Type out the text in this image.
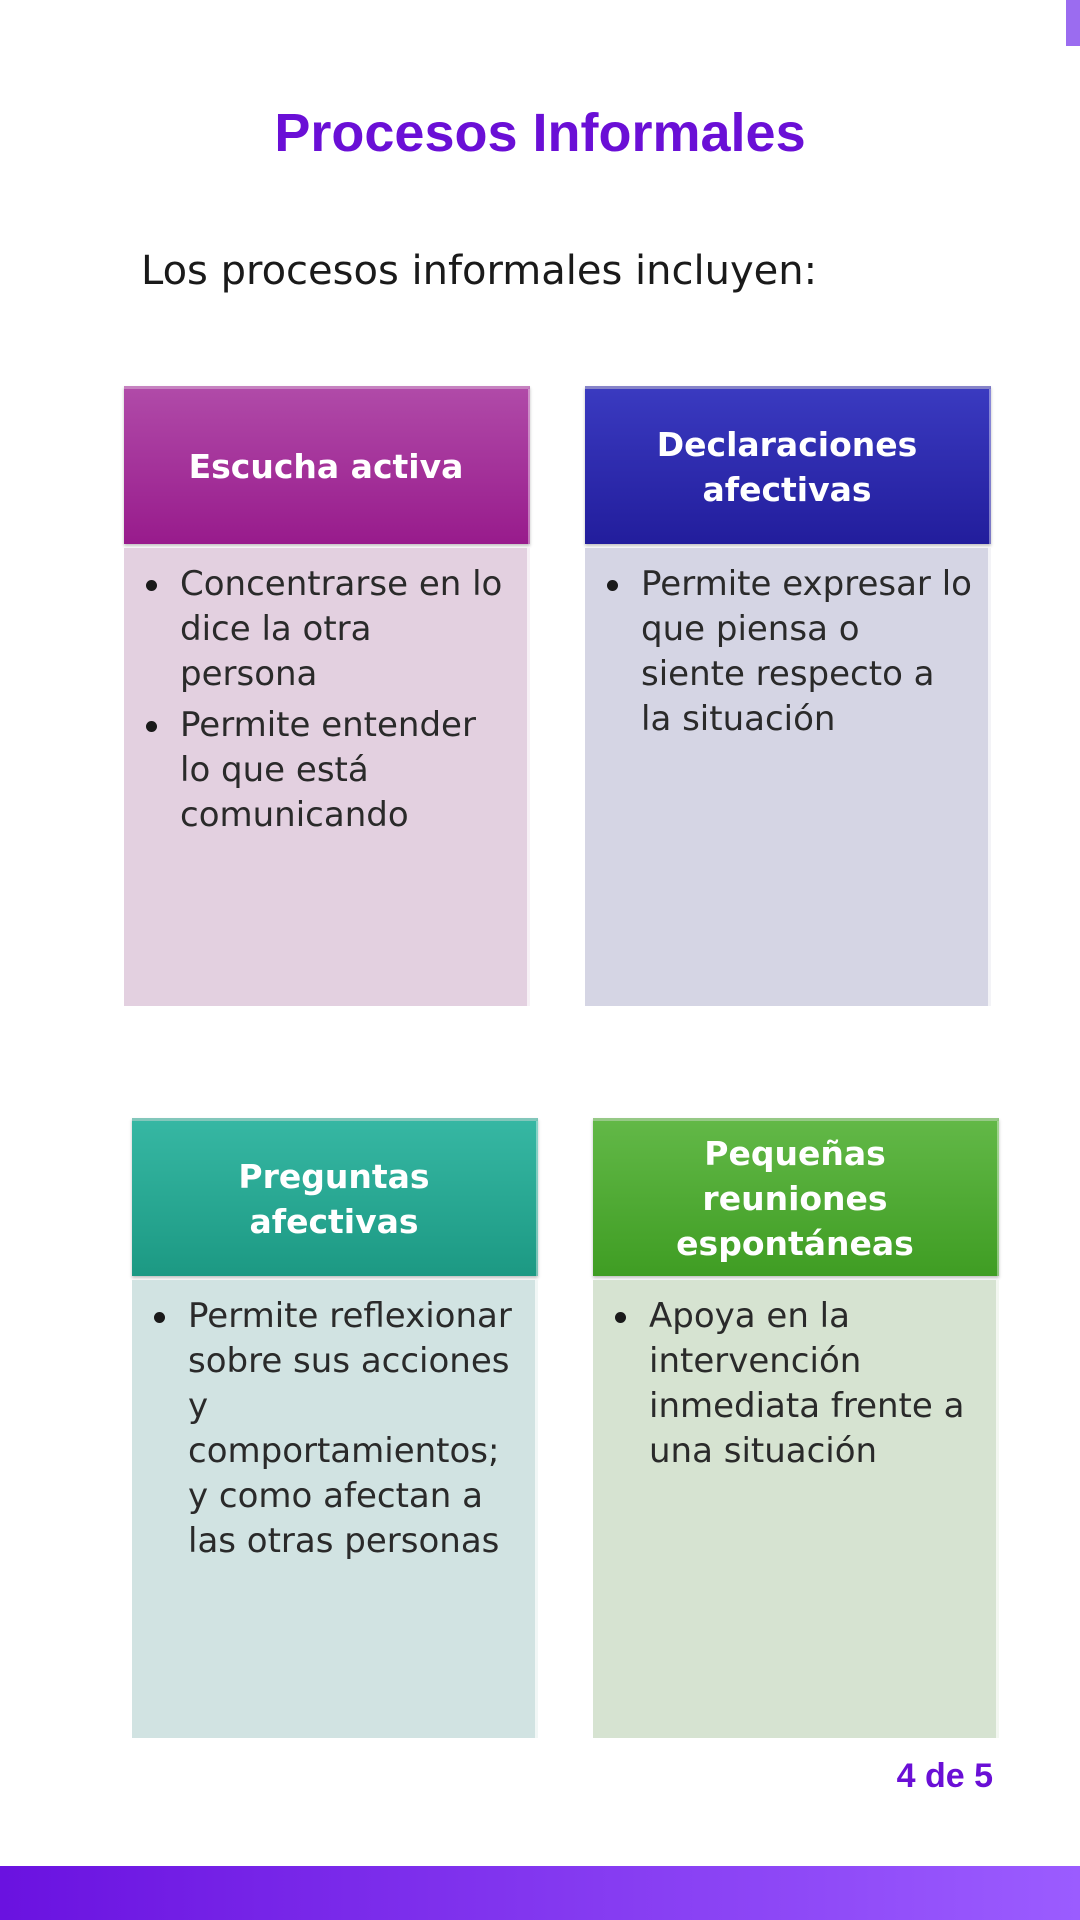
Procesos Informales
Los procesos informales incluyen:
Escucha activa
Concentrarse en lo dice la otra persona
Permite entender lo que está comunicando
Declaraciones afectivas
Permite expresar lo que piensa o siente respecto a la situación
Preguntas afectivas
Permite reflexionar sobre sus acciones y comportamientos; y como afectan a las otras personas
Pequeñas reuniones espontáneas
Apoya en la intervención inmediata frente a una situación
4 de 5
